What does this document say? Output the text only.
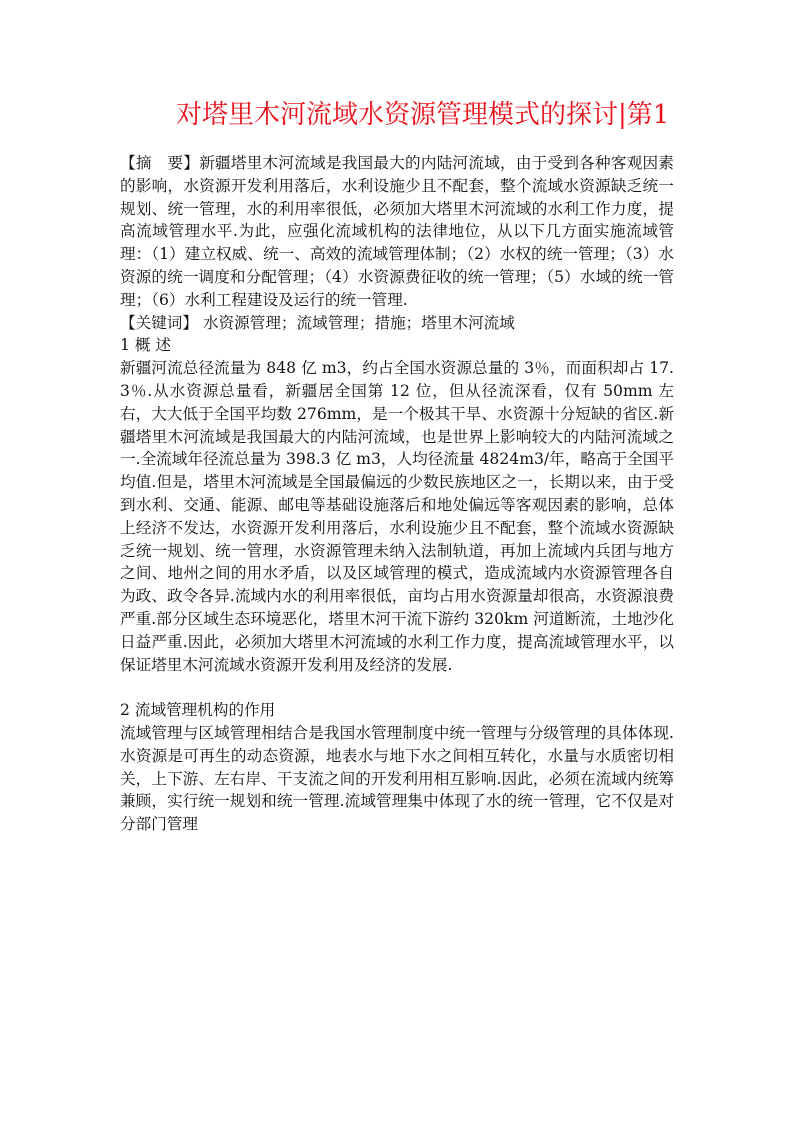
对塔里木河流域水资源管理模式的探讨|第1

【摘　要】新疆塔里木河流域是我国最大的内陆河流域，由于受到各种客观因素的影响，水资源开发利用落后，水利设施少且不配套，整个流域水资源缺乏统一规划、统一管理，水的利用率很低，必须加大塔里木河流域的水利工作力度，提高流域管理水平.为此，应强化流域机构的法律地位，从以下几方面实施流域管理：（1）建立权威、统一、高效的流域管理体制；（2）水权的统一管理；（3）水资源的统一调度和分配管理；（4）水资源费征收的统一管理；（5）水域的统一管理；（6）水利工程建设及运行的统一管理.

【关键词】 水资源管理；流域管理；措施；塔里木河流域

1 概 述

新疆河流总径流量为 848 亿 m3，约占全国水资源总量的 3％，而面积却占 17.3％.从水资源总量看，新疆居全国第 12 位，但从径流深看，仅有 50mm 左右，大大低于全国平均数 276mm，是一个极其干旱、水资源十分短缺的省区.新疆塔里木河流域是我国最大的内陆河流域，也是世界上影响较大的内陆河流域之一.全流域年径流总量为 398.3 亿 m3，人均径流量 4824m3/年，略高于全国平均值.但是，塔里木河流域是全国最偏远的少数民族地区之一，长期以来，由于受到水利、交通、能源、邮电等基础设施落后和地处偏远等客观因素的影响，总体上经济不发达，水资源开发利用落后，水利设施少且不配套，整个流域水资源缺乏统一规划、统一管理，水资源管理未纳入法制轨道，再加上流域内兵团与地方之间、地州之间的用水矛盾，以及区域管理的模式，造成流域内水资源管理各自为政、政令各异.流域内水的利用率很低，亩均占用水资源量却很高，水资源浪费严重.部分区域生态环境恶化，塔里木河干流下游约 320km 河道断流，土地沙化日益严重.因此，必须加大塔里木河流域的水利工作力度，提高流域管理水平，以保证塔里木河流域水资源开发利用及经济的发展.

2 流域管理机构的作用

流域管理与区域管理相结合是我国水管理制度中统一管理与分级管理的具体体现.水资源是可再生的动态资源，地表水与地下水之间相互转化，水量与水质密切相关，上下游、左右岸、干支流之间的开发利用相互影响.因此，必须在流域内统筹兼顾，实行统一规划和统一管理.流域管理集中体现了水的统一管理，它不仅是对分部门管理
